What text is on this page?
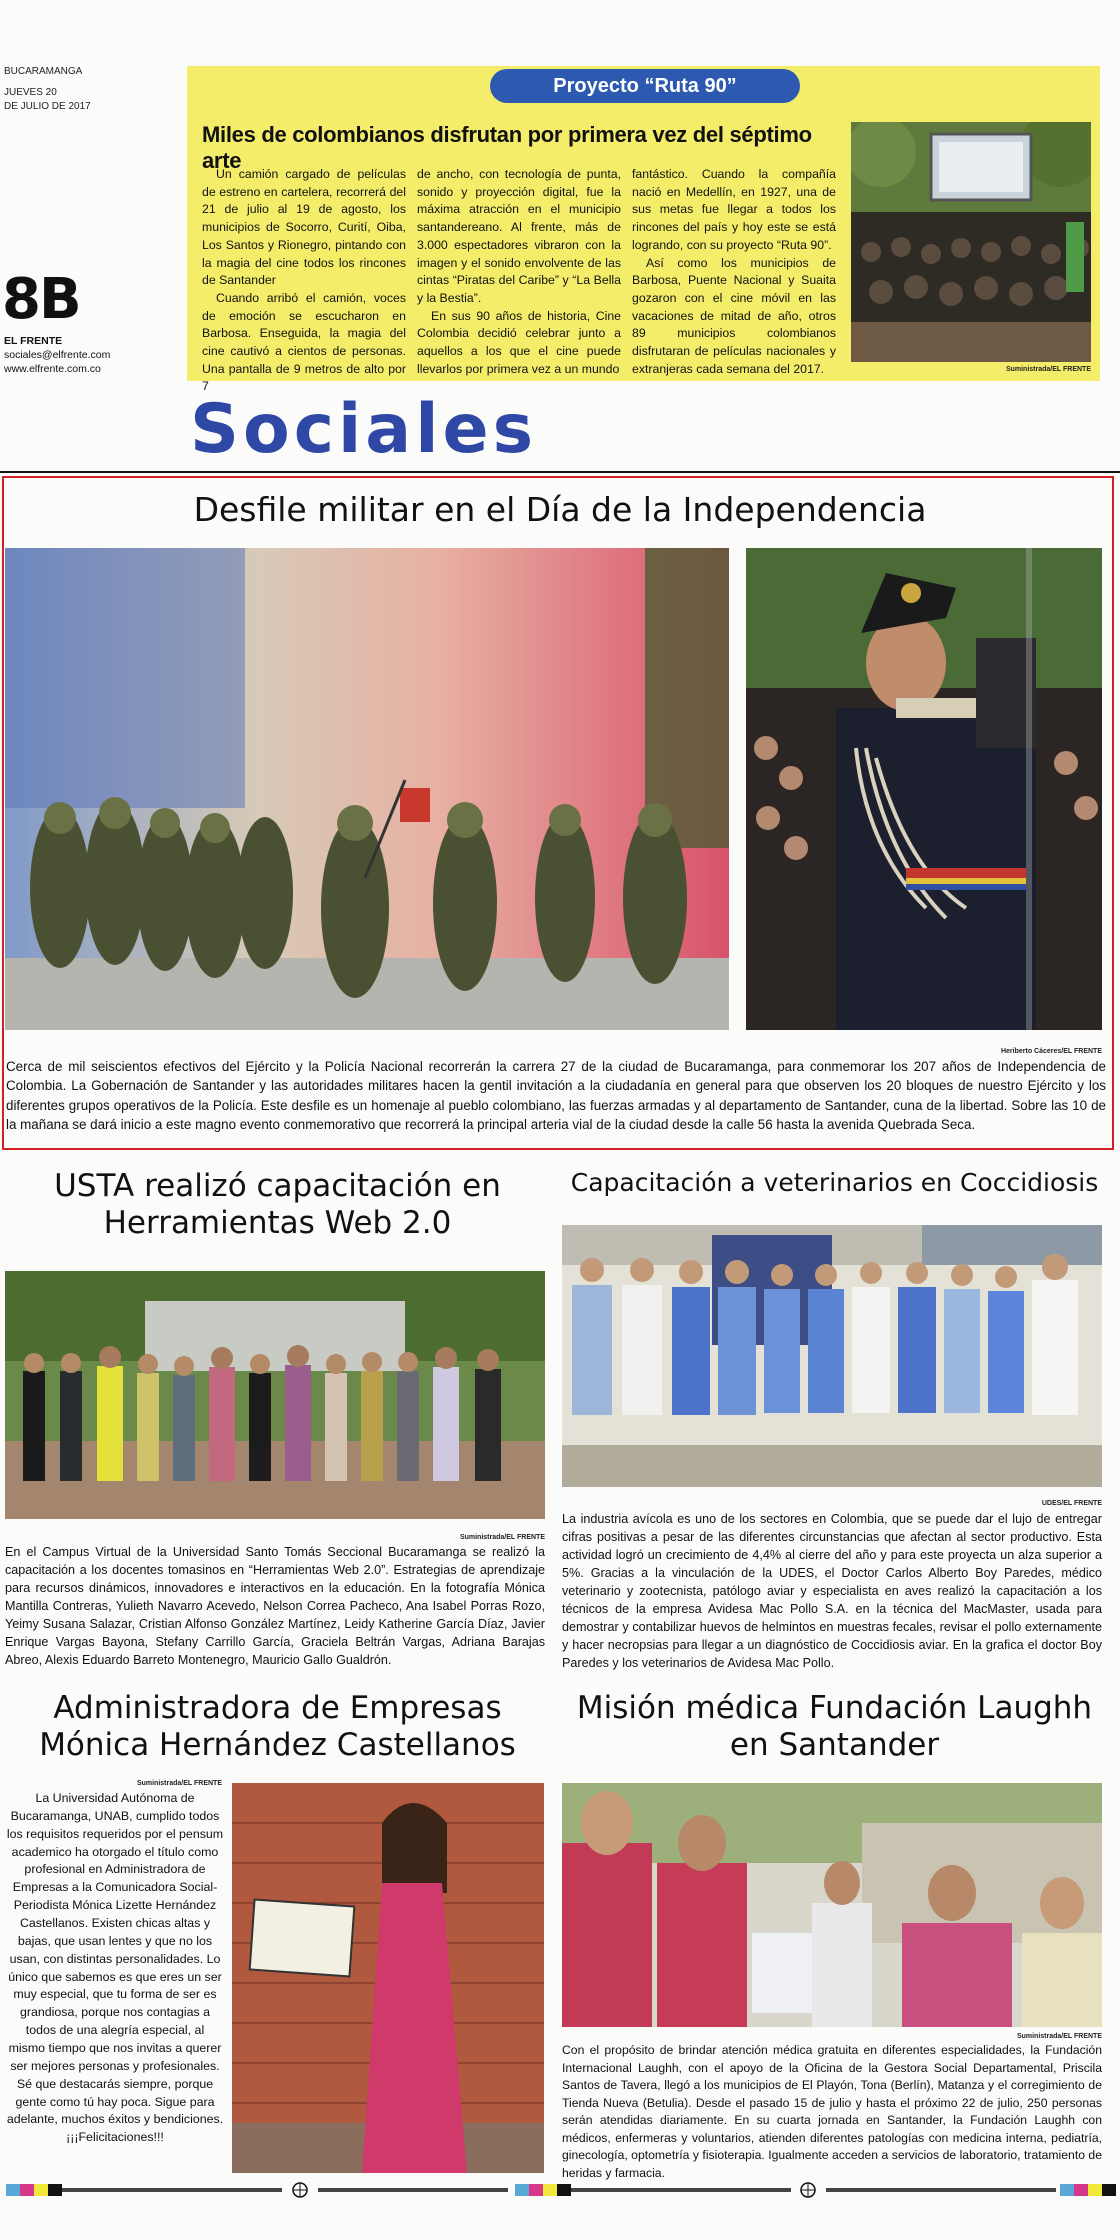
BUCARAMANGA
JUEVES 20
DE JULIO DE 2017
8B
EL FRENTE
sociales@elfrente.com
www.elfrente.com.co
Proyecto “Ruta 90”
Miles de colombianos disfrutan por primera vez del séptimo arte

Un camión cargado de películas de estreno en cartelera, recorrerá del 21 de julio al 19 de agosto, los municipios de Socorro, Curití, Oiba, Los Santos y Rionegro, pintando con la magia del cine todos los rincones de Santander

Cuando arribó el camión, voces de emoción se escucharon en Barbosa. Enseguida, la magia del cine cautivó a cientos de personas. Una pantalla de 9 metros de alto por 7

de ancho, con tecnología de punta, sonido y proyección digital, fue la máxima atracción en el municipio santandereano. Al frente, más de 3.000 espectadores vibraron con la imagen y el sonido envolvente de las cintas “Piratas del Caribe” y “La Bella y la Bestia”.

En sus 90 años de historia, Cine Colombia decidió celebrar junto a aquellos a los que el cine puede llevarlos por primera vez a un mundo

fantástico. Cuando la compañía nació en Medellín, en 1927, una de sus metas fue llegar a todos los rincones del país y hoy este se está logrando, con su proyecto “Ruta 90”.

Así como los municipios de Barbosa, Puente Nacional y Suaita gozaron con el cine móvil en las vacaciones de mitad de año, otros 89 municipios colombianos disfrutaran de películas nacionales y extranjeras cada semana del 2017.	Suministrada/EL FRENTE
Sociales
Desfile militar en el Día de la Independencia
Heriberto Cáceres/EL FRENTE
Cerca de mil seiscientos efectivos del Ejército y la Policía Nacional recorrerán la carrera 27 de la ciudad de Bucaramanga, para conmemorar los 207 años de Independencia de Colombia. La Gobernación de Santander y las autoridades militares hacen la gentil invitación a la ciudadanía en general para que observen los 20 bloques de nuestro Ejército y los diferentes grupos operativos de la Policía. Este desfile es un homenaje al pueblo colombiano, las fuerzas armadas y al departamento de Santander, cuna de la libertad. Sobre las 10 de la mañana se dará inicio a este magno evento conmemorativo que recorrerá la principal arteria vial de la ciudad desde la calle 56 hasta la avenida Quebrada Seca.
USTA realizó capacitación en Herramientas Web 2.0
Suministrada/EL FRENTE
En el Campus Virtual de la Universidad Santo Tomás Seccional Bucaramanga se realizó la capacitación a los docentes tomasinos en “Herramientas Web 2.0”. Estrategias de aprendizaje para recursos dinámicos, innovadores e interactivos en la educación. En la fotografía Mónica Mantilla Contreras, Yulieth Navarro Acevedo, Nelson Correa Pacheco, Ana Isabel Porras Rozo, Yeimy Susana Salazar, Cristian Alfonso González Martínez, Leidy Katherine García Díaz, Javier Enrique Vargas Bayona, Stefany Carrillo García, Graciela Beltrán Vargas, Adriana Barajas Abreo, Alexis Eduardo Barreto Montenegro, Mauricio Gallo Gualdrón.
Capacitación a veterinarios en Coccidiosis
UDES/EL FRENTE
La industria avícola es uno de los sectores en Colombia, que se puede dar el lujo de entregar cifras positivas a pesar de las diferentes circunstancias que afectan al sector productivo. Esta actividad logró un crecimiento de 4,4% al cierre del año y para este proyecta un alza superior a 5%. Gracias a la vinculación de la UDES, el Doctor Carlos Alberto Boy Paredes, médico veterinario y zootecnista, patólogo aviar y especialista en aves realizó la capacitación a los técnicos de la empresa Avidesa Mac Pollo S.A. en la técnica del MacMaster, usada para demostrar y contabilizar huevos de helmintos en muestras fecales, revisar el pollo externamente y hacer necropsias para llegar a un diagnóstico de Coccidiosis aviar. En la grafica el doctor Boy Paredes y los veterinarios de Avidesa Mac Pollo.
Administradora de Empresas Mónica Hernández Castellanos
Suministrada/EL FRENTE
La Universidad Autónoma de Bucaramanga, UNAB, cumplido todos los requisitos requeridos por el pensum academico ha otorgado el título como profesional en Administradora de Empresas a la Comunicadora Social-Periodista Mónica Lizette Hernández Castellanos. Existen chicas altas y bajas, que usan lentes y que no los usan, con distintas personalidades. Lo único que sabemos es que eres un ser muy especial, que tu forma de ser es grandiosa, porque nos contagias a todos de una alegría especial, al mismo tiempo que nos invitas a querer ser mejores personas y profesionales. Sé que destacarás siempre, porque gente como tú hay poca. Sigue para adelante, muchos éxitos y bendiciones. ¡¡¡Felicitaciones!!!
Misión médica Fundación Laughh en Santander
Suministrada/EL FRENTE
Con el propósito de brindar atención médica gratuita en diferentes especialidades, la Fundación Internacional Laughh, con el apoyo de la Oficina de la Gestora Social Departamental, Priscila Santos de Tavera, llegó a los municipios de El Playón, Tona (Berlín), Matanza y el corregimiento de Tienda Nueva (Betulia). Desde el pasado 15 de julio y hasta el próximo 22 de julio, 250 personas serán atendidas diariamente. En su cuarta jornada en Santander, la Fundación Laughh con médicos, enfermeras y voluntarios, atienden diferentes patologías con medicina interna, pediatría, ginecología, optometría y fisioterapia. Igualmente acceden a servicios de laboratorio, tratamiento de heridas y farmacia.
